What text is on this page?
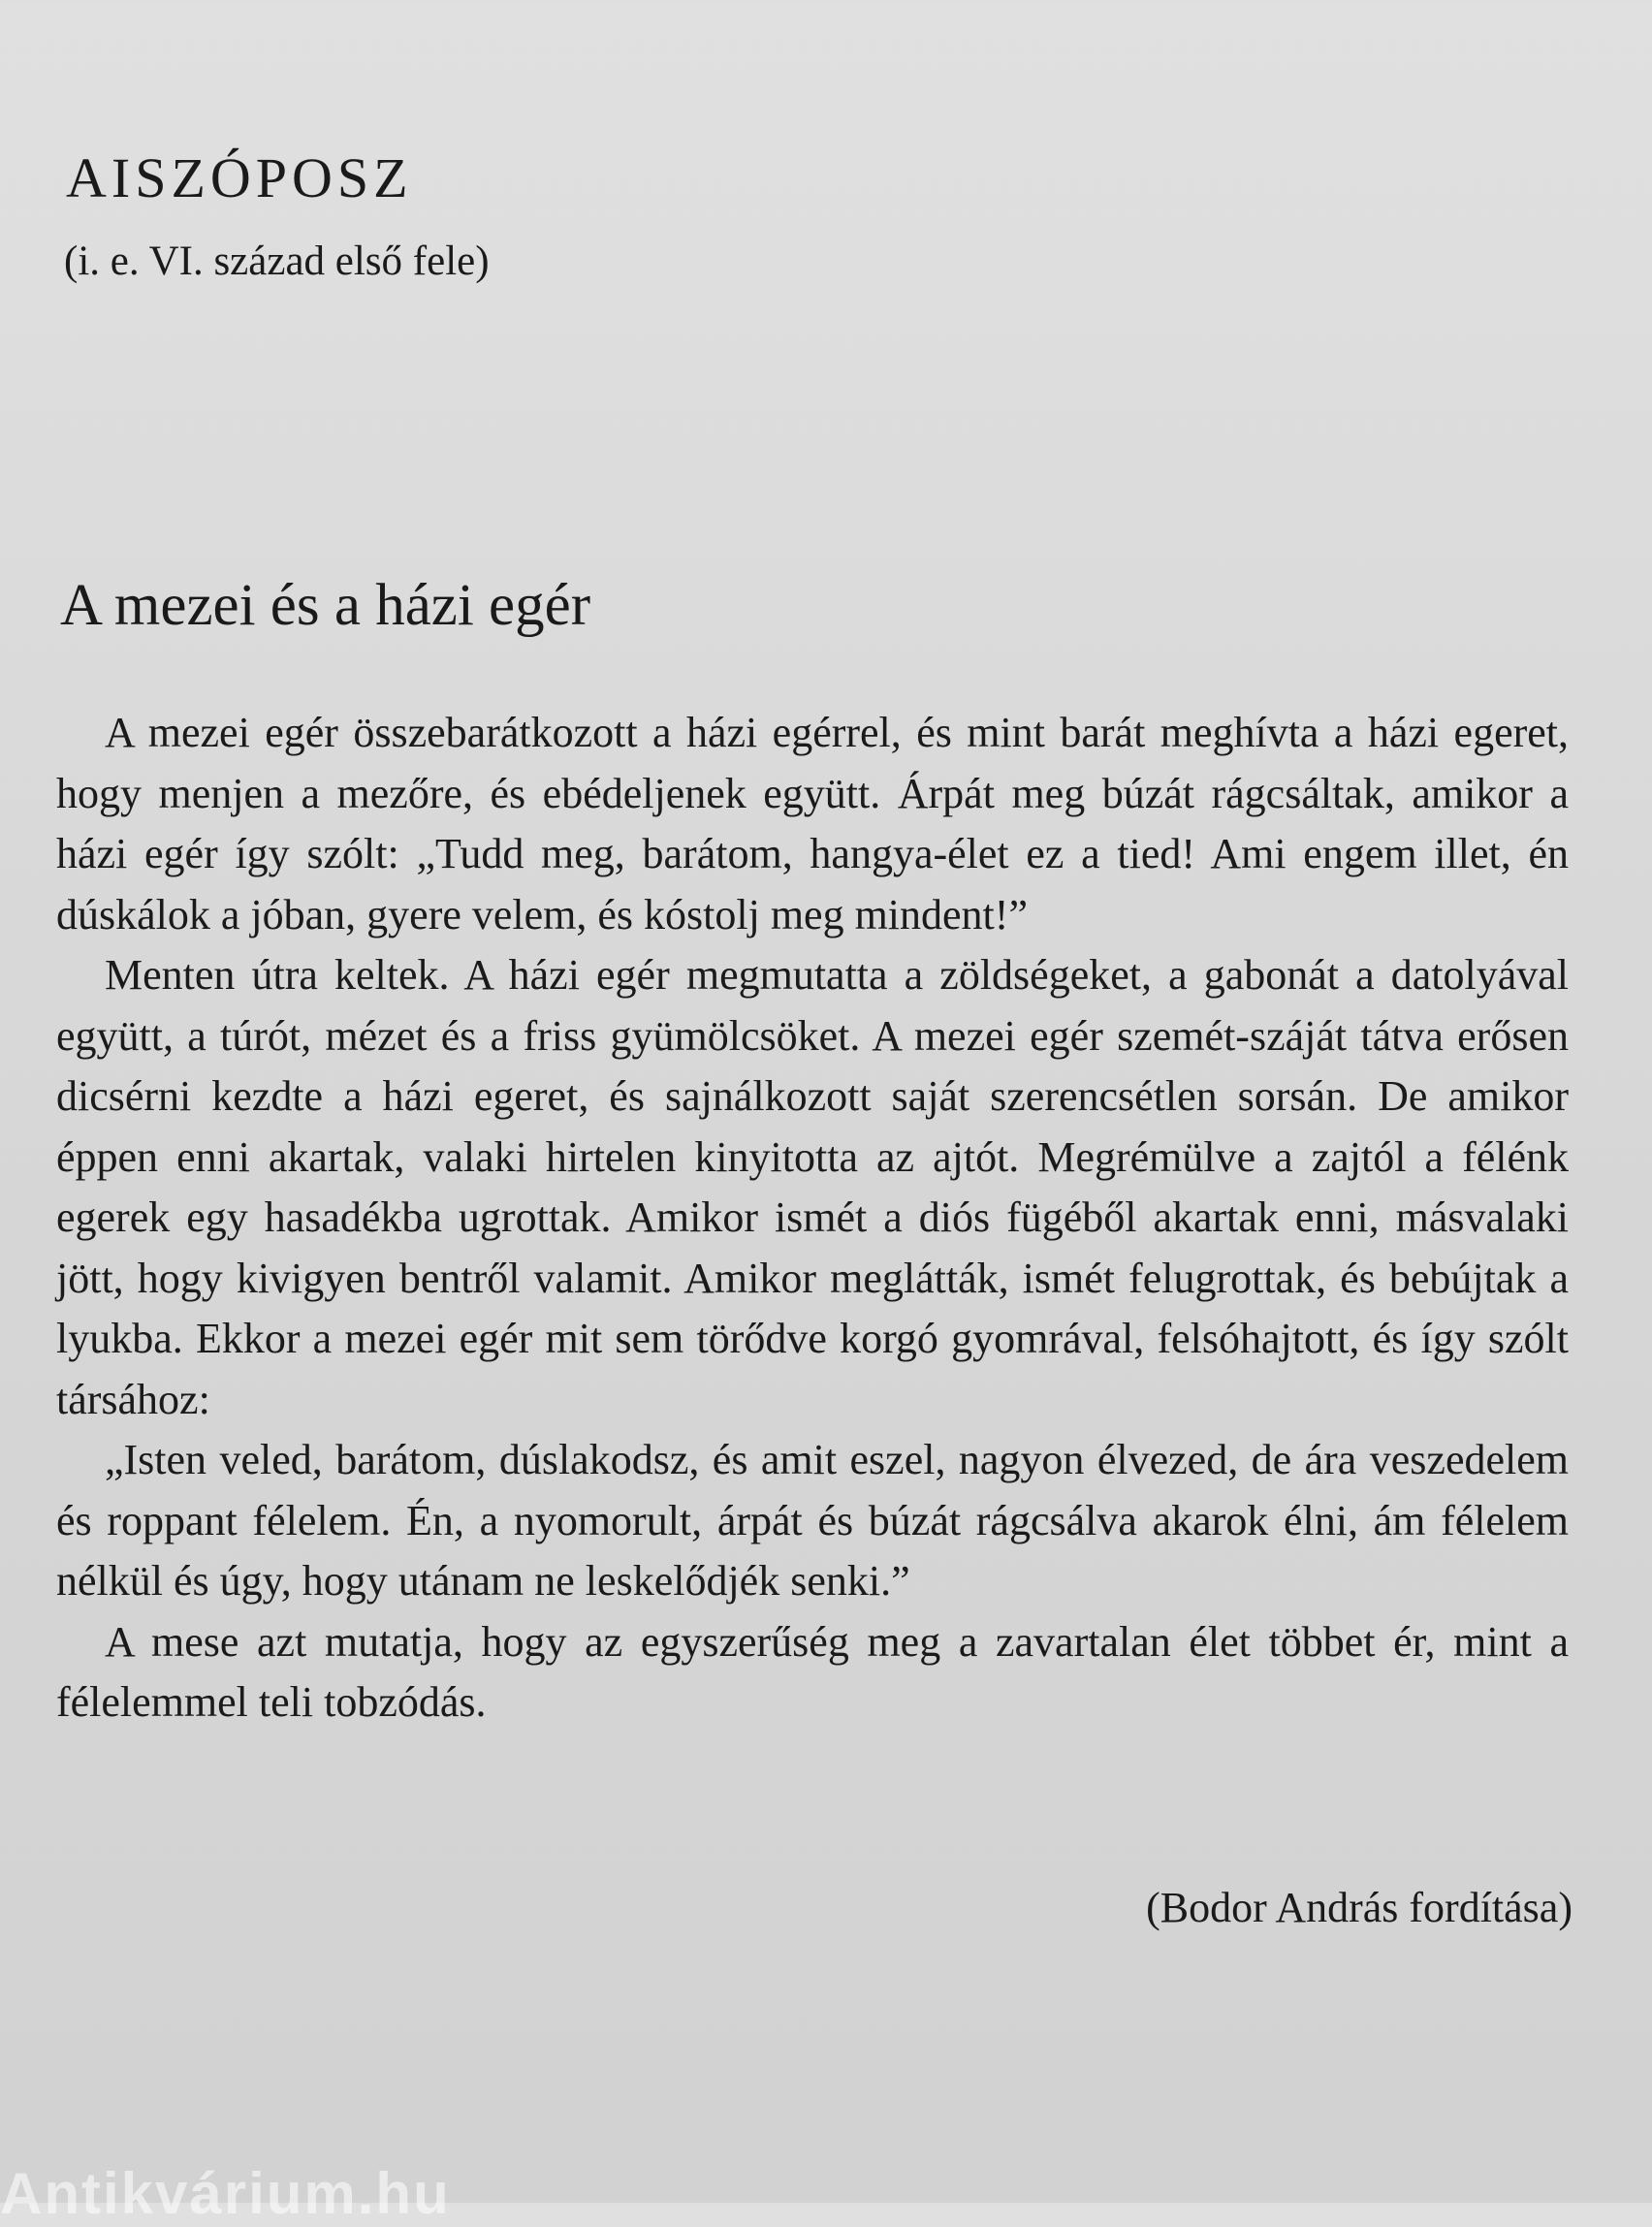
AISZÓPOSZ
(i. e. VI. század első fele)
A mezei és a házi egér

A mezei egér összebarátkozott a házi egérrel, és mint barát meghívta a házi egeret, hogy menjen a mezőre, és ebédeljenek együtt. Árpát meg búzát rágcsáltak, amikor a házi egér így szólt: „Tudd meg, barátom, hangya-élet ez a tied! Ami engem illet, én dúskálok a jóban, gyere velem, és kóstolj meg mindent!”

Menten útra keltek. A házi egér megmutatta a zöldségeket, a gabonát a datolyával együtt, a túrót, mézet és a friss gyümölcsöket. A mezei egér szemét-száját tátva erősen dicsérni kezdte a házi egeret, és sajnálkozott saját szerencsétlen sorsán. De amikor éppen enni akartak, valaki hirtelen kinyitotta az ajtót. Megrémülve a zajtól a félénk egerek egy hasadékba ugrottak. Amikor ismét a diós fügéből akartak enni, másvalaki jött, hogy kivigyen bentről valamit. Amikor meglátták, ismét felugrottak, és bebújtak a lyukba. Ekkor a mezei egér mit sem törődve korgó gyomrával, felsóhajtott, és így szólt társához:

„Isten veled, barátom, dúslakodsz, és amit eszel, nagyon élvezed, de ára veszedelem és roppant félelem. Én, a nyomorult, árpát és búzát rágcsálva akarok élni, ám félelem nélkül és úgy, hogy utánam ne leskelődjék senki.”

A mese azt mutatja, hogy az egyszerűség meg a zavartalan élet többet ér, mint a félelemmel teli tobzódás.

(Bodor András fordítása)
Antikvárium.hu
